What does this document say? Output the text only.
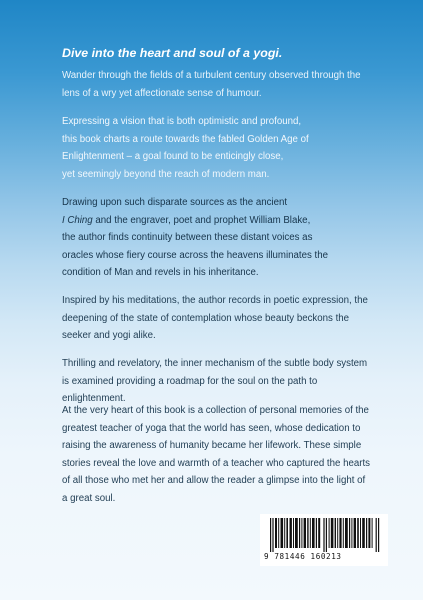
Dive into the heart and soul of a yogi.

Wander through the fields of a turbulent century observed through the lens of a wry yet affectionate sense of humour.

Expressing a vision that is both optimistic and profound,
this book charts a route towards the fabled Golden Age of
Enlightenment – a goal found to be enticingly close,
yet seemingly beyond the reach of modern man.

Drawing upon such disparate sources as the ancient
I Ching and the engraver, poet and prophet William Blake,
the author finds continuity between these distant voices as
oracles whose fiery course across the heavens illuminates the
condition of Man and revels in his inheritance.

Inspired by his meditations, the author records in poetic expression, the deepening of the state of contemplation whose beauty beckons the seeker and yogi alike.

Thrilling and revelatory, the inner mechanism of the subtle body system is examined providing a roadmap for the soul on the path to enlightenment.

At the very heart of this book is a collection of personal memories of the greatest teacher of yoga that the world has seen, whose dedication to raising the awareness of humanity became her lifework. These simple stories reveal the love and warmth of a teacher who captured the hearts of all those who met her and allow the reader a glimpse into the light of a great soul.

9 781446 160213
